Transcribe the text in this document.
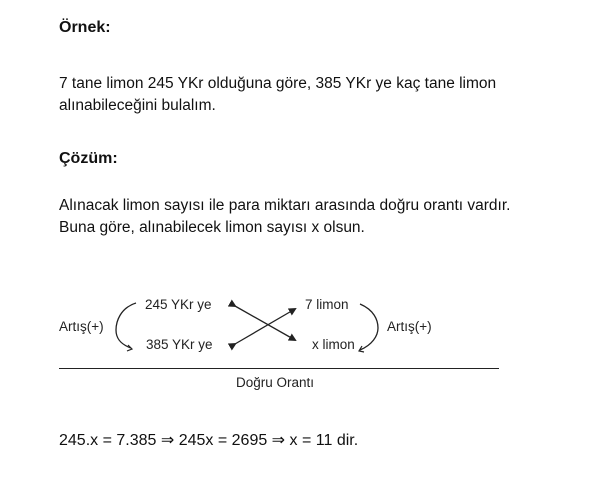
Örnek:
7 tane limon 245 YKr olduğuna göre, 385 YKr ye kaç tane limon alınabileceğini bulalım.
Çözüm:
Alınacak limon sayısı ile para miktarı arasında doğru orantı vardır. Buna göre, alınabilecek limon sayısı x olsun.
Artış(+)
245 YKr ye
385 YKr ye
7 limon
x limon
Artış(+)
Doğru Orantı
245.x = 7.385 ⇒ 245x = 2695 ⇒ x = 11 dir.
